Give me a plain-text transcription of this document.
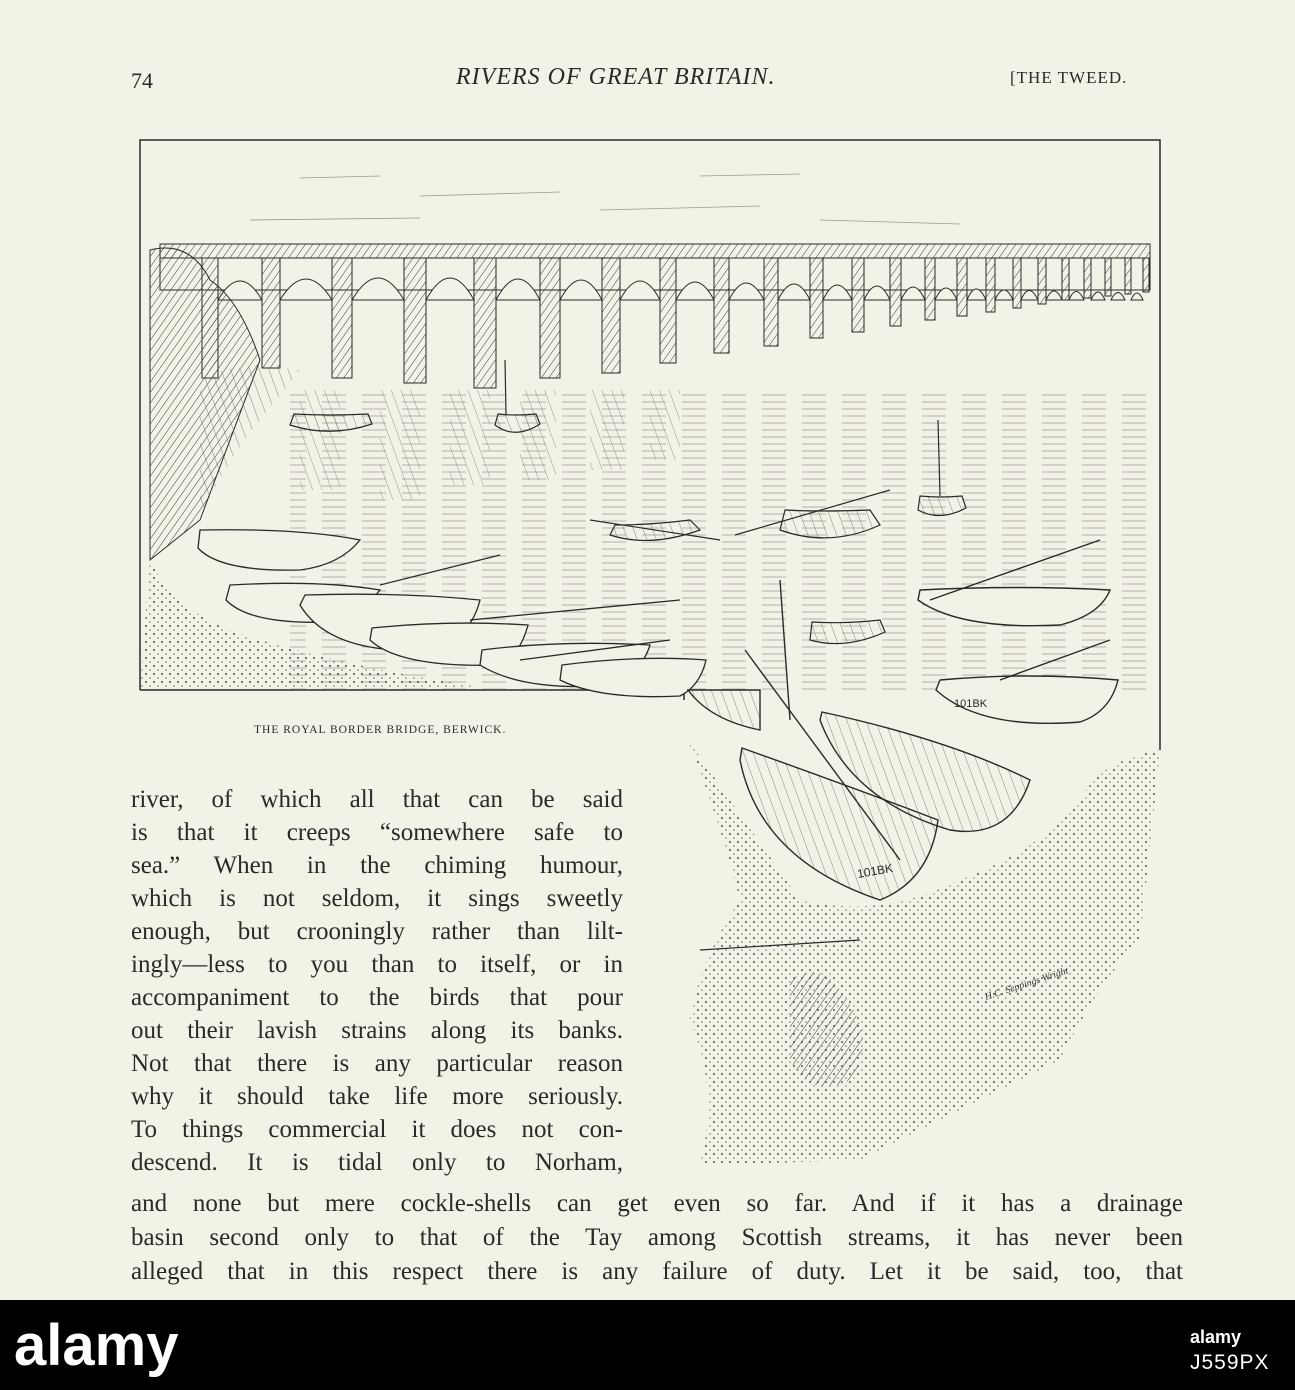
74	RIVERS OF GREAT BRITAIN.	[THE TWEED.
101BK
101BK
H.C. Seppings Wright
THE ROYAL BORDER BRIDGE, BERWICK.
river, of which all that can be said
is that it creeps “somewhere safe to
sea.” When in the chiming humour,
which is not seldom, it sings sweetly
enough, but crooningly rather than lilt-
ingly—less to you than to itself, or in
accompaniment to the birds that pour
out their lavish strains along its banks.
Not that there is any particular reason
why it should take life more seriously.
To things commercial it does not con-
descend. It is tidal only to Norham,
and none but mere cockle-shells can get even so far. And if it has a drainage
basin second only to that of the Tay among Scottish streams, it has never been
alleged that in this respect there is any failure of duty. Let it be said, too, that
alamy	alamy
J559PX
